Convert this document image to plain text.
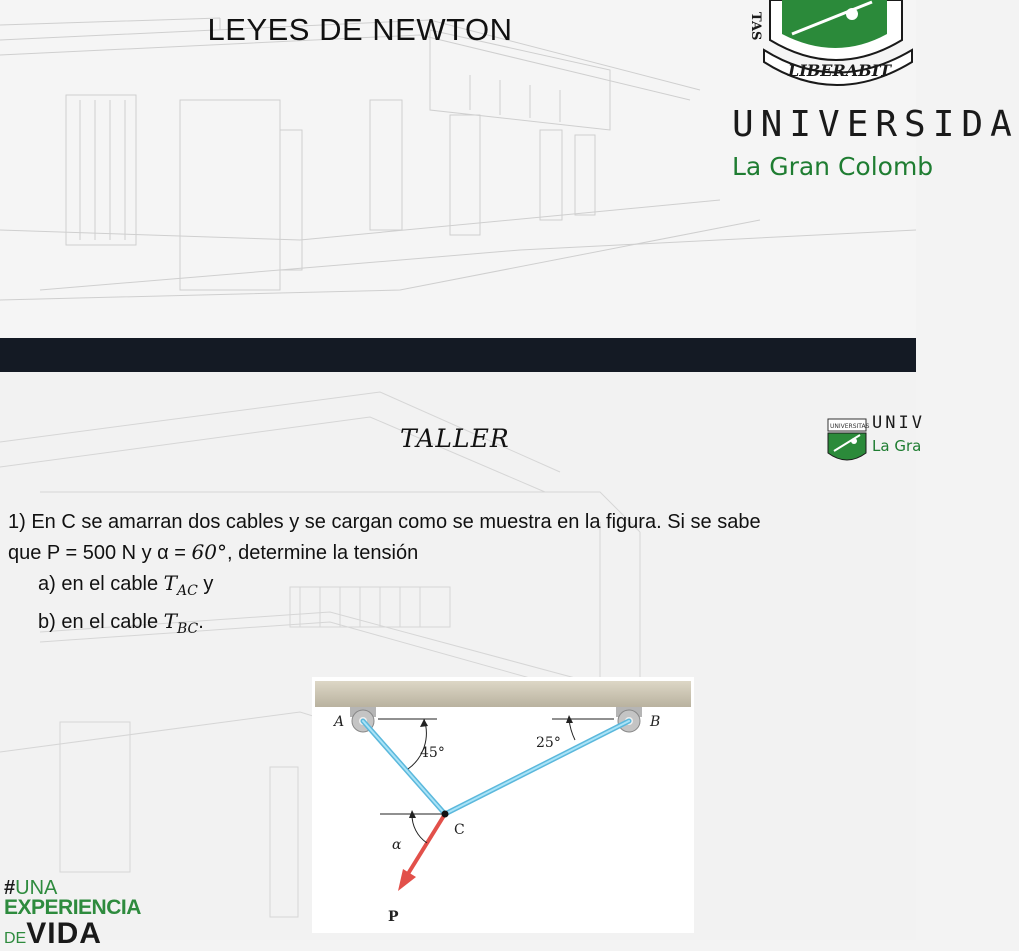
LEYES DE NEWTON
LIBERABIT
TAS
UNIVERSIDA
La Gran Colomb
TALLER	UNIVERSITAS UNIV
La Gra
1) En C se amarran dos cables y se cargan como se muestra en la figura. Si se sabe
que P = 500 N y α = 60°, determine la tensión
a) en el cable $T_{AC}$ y
b) en el cable $T_{BC}$.
A	B
C
P
45°
25°
α
#UNA
EXPERIENCIA
DEVIDA
